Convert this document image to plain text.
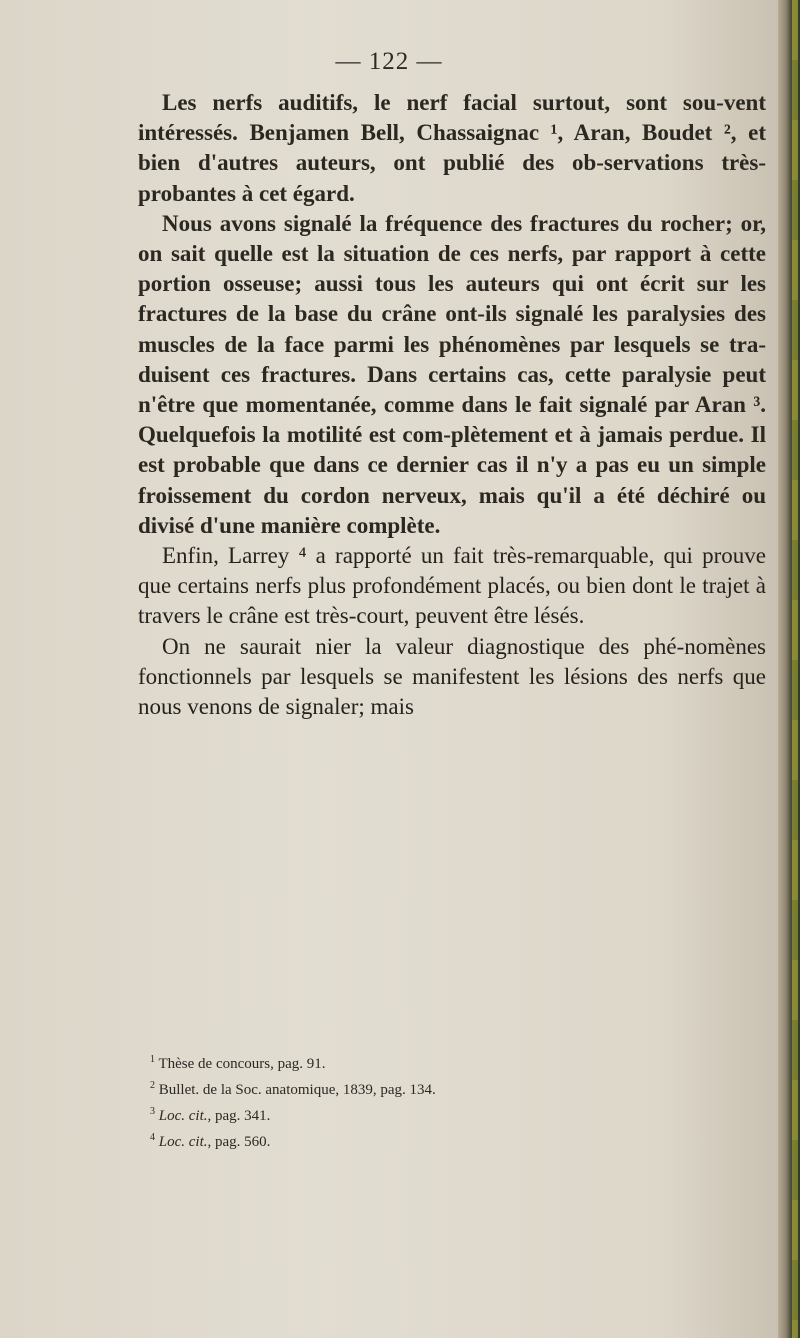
— 122 —

Les nerfs auditifs, le nerf facial surtout, sont sou-vent intéressés. Benjamen Bell, Chassaignac ¹, Aran, Boudet ², et bien d'autres auteurs, ont publié des ob-servations très-probantes à cet égard.

Nous avons signalé la fréquence des fractures du rocher; or, on sait quelle est la situation de ces nerfs, par rapport à cette portion osseuse; aussi tous les auteurs qui ont écrit sur les fractures de la base du crâne ont-ils signalé les paralysies des muscles de la face parmi les phénomènes par lesquels se tra-duisent ces fractures. Dans certains cas, cette paralysie peut n'être que momentanée, comme dans le fait signalé par Aran ³. Quelquefois la motilité est com-plètement et à jamais perdue. Il est probable que dans ce dernier cas il n'y a pas eu un simple froissement du cordon nerveux, mais qu'il a été déchiré ou divisé d'une manière complète.

Enfin, Larrey ⁴ a rapporté un fait très-remarquable, qui prouve que certains nerfs plus profondément placés, ou bien dont le trajet à travers le crâne est très-court, peuvent être lésés.

On ne saurait nier la valeur diagnostique des phé-nomènes fonctionnels par lesquels se manifestent les lésions des nerfs que nous venons de signaler; mais

$^1$ Thèse de concours, pag. 91.

$^2$ Bullet. de la Soc. anatomique, 1839, pag. 134.

$^3$ Loc. cit., pag. 341.

$^4$ Loc. cit., pag. 560.
